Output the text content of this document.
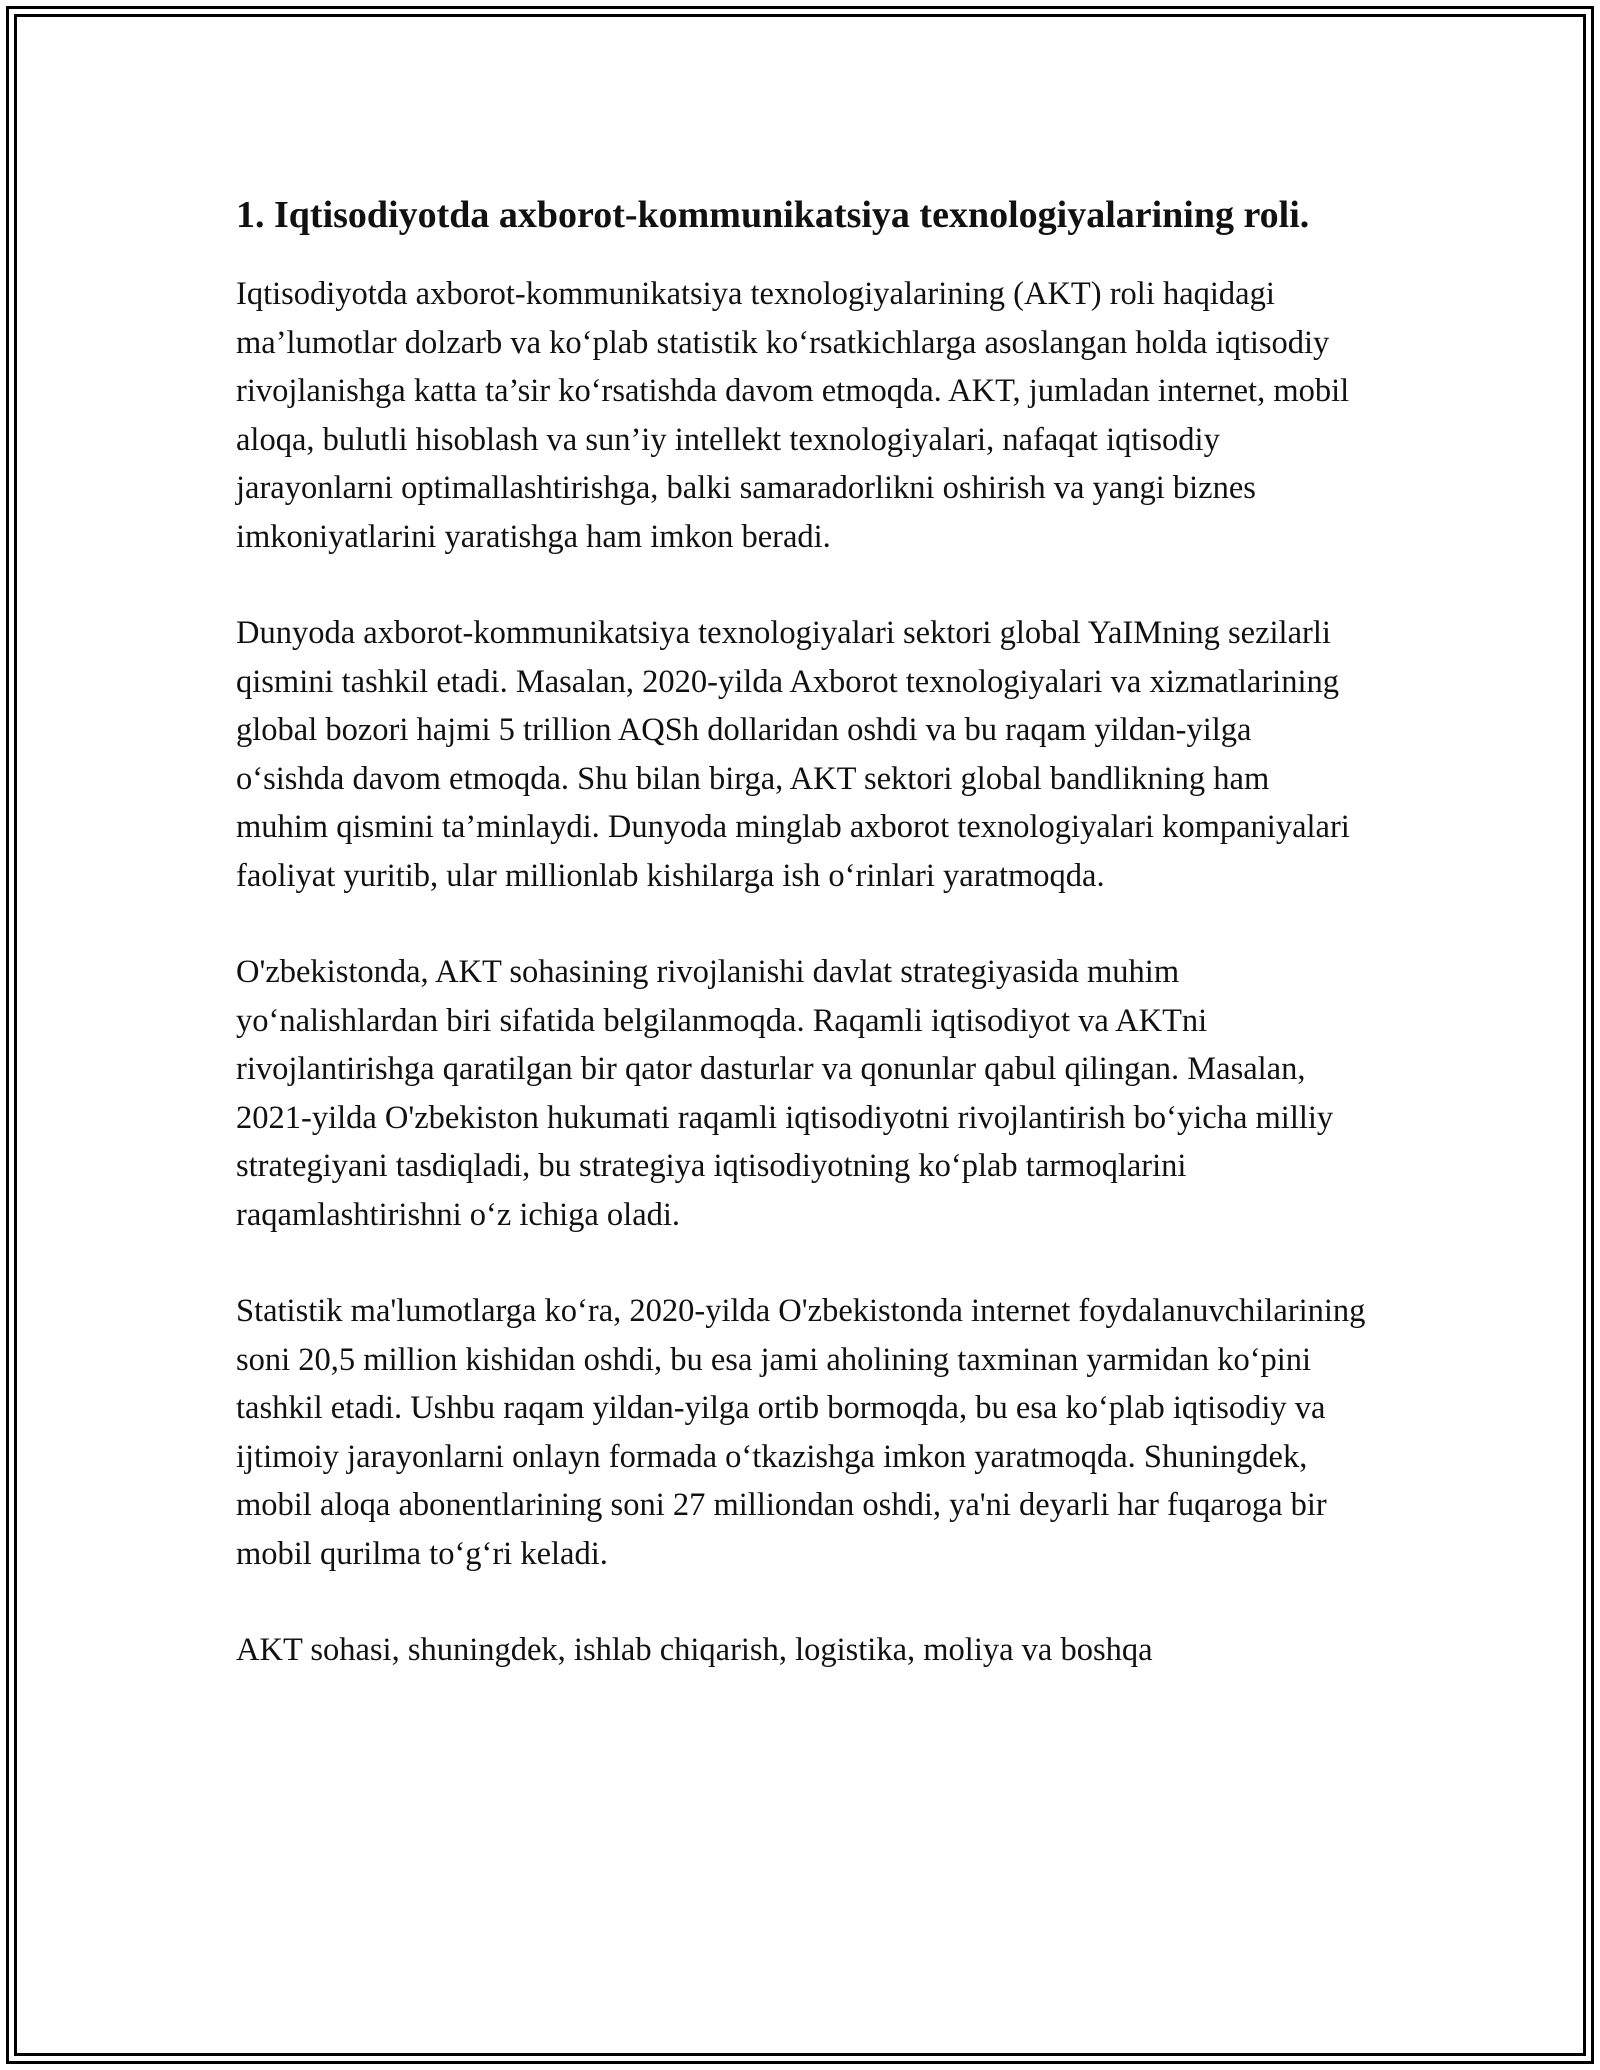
1. Iqtisodiyotda axborot-kommunikatsiya texnologiyalarining roli.

Iqtisodiyotda axborot-kommunikatsiya texnologiyalarining (AKT) roli haqidagi ma’lumotlar dolzarb va ko‘plab statistik ko‘rsatkichlarga asoslangan holda iqtisodiy rivojlanishga katta ta’sir ko‘rsatishda davom etmoqda. AKT, jumladan internet, mobil aloqa, bulutli hisoblash va sun’iy intellekt texnologiyalari, nafaqat iqtisodiy jarayonlarni optimallashtirishga, balki samaradorlikni oshirish va yangi biznes imkoniyatlarini yaratishga ham imkon beradi.

Dunyoda axborot-kommunikatsiya texnologiyalari sektori global YaIMning sezilarli qismini tashkil etadi. Masalan, 2020-yilda Axborot texnologiyalari va xizmatlarining global bozori hajmi 5 trillion AQSh dollaridan oshdi va bu raqam yildan-yilga o‘sishda davom etmoqda. Shu bilan birga, AKT sektori global bandlikning ham muhim qismini ta’minlaydi. Dunyoda minglab axborot texnologiyalari kompaniyalari faoliyat yuritib, ular millionlab kishilarga ish o‘rinlari yaratmoqda.

O'zbekistonda, AKT sohasining rivojlanishi davlat strategiyasida muhim yo‘nalishlardan biri sifatida belgilanmoqda. Raqamli iqtisodiyot va AKTni rivojlantirishga qaratilgan bir qator dasturlar va qonunlar qabul qilingan. Masalan, 2021-yilda O'zbekiston hukumati raqamli iqtisodiyotni rivojlantirish bo‘yicha milliy strategiyani tasdiqladi, bu strategiya iqtisodiyotning ko‘plab tarmoqlarini raqamlashtirishni o‘z ichiga oladi.

Statistik ma'lumotlarga ko‘ra, 2020-yilda O'zbekistonda internet foydalanuvchilarining soni 20,5 million kishidan oshdi, bu esa jami aholining taxminan yarmidan ko‘pini tashkil etadi. Ushbu raqam yildan-yilga ortib bormoqda, bu esa ko‘plab iqtisodiy va ijtimoiy jarayonlarni onlayn formada o‘tkazishga imkon yaratmoqda. Shuningdek, mobil aloqa abonentlarining soni 27 milliondan oshdi, ya'ni deyarli har fuqaroga bir mobil qurilma to‘g‘ri keladi.

AKT sohasi, shuningdek, ishlab chiqarish, logistika, moliya va boshqa
